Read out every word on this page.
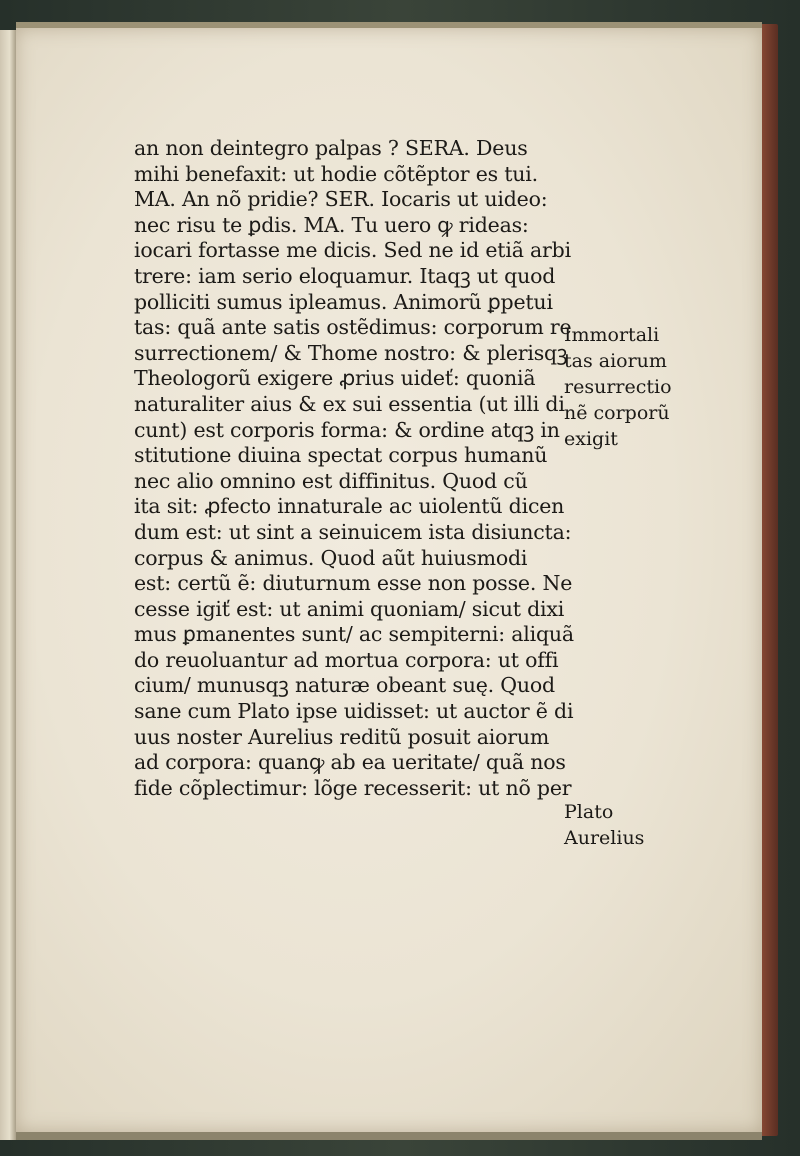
an non deintegro palpas ? SERA. Deus
mihi benefaxit: ut hodie cõtẽptor es tui.
MA. An nõ pridie? SER. Iocaris ut uideo:
nec risu te ꝑdis. MA. Tu uero ꝙ rideas:
iocari fortasse me dicis. Sed ne id etiã arbi
trere: iam serio eloquamur. Itaqꝫ ut quod
polliciti sumus ipleamus. Animorũ ꝑpetui
tas: quã ante satis ostẽdimus: corporum re
surrectionem/ & Thome nostro: & plerisqꝫ
Theologorũ exigere ꝓrius uideť: quoniã
naturaliter aius & ex sui essentia (ut illi di
cunt) est corporis forma: & ordine atqꝫ in
stitutione diuina spectat corpus humanũ
nec alio omnino est diffinitus. Quod cũ
ita sit: ꝓfecto innaturale ac uiolentũ dicen
dum est: ut sint a seinuicem ista disiuncta:
corpus & animus. Quod aũt huiusmodi
est: certũ ẽ: diuturnum esse non posse. Ne
cesse igiť est: ut animi quoniam/ sicut dixi
mus ꝑmanentes sunt/ ac sempiterni: aliquã
do reuoluantur ad mortua corpora: ut offi
cium/ munusqꝫ naturæ obeant suę. Quod
sane cum Plato ipse uidisset: ut auctor ẽ di
uus noster Aurelius reditũ posuit aiorum
ad corpora: quanꝙ ab ea ueritate/ quã nos
fide cõplectimur: lõge recesserit: ut nõ per
Immortali
tas aiorum
resurrectio
nẽ corporũ
exigit
Plato
Aurelius
